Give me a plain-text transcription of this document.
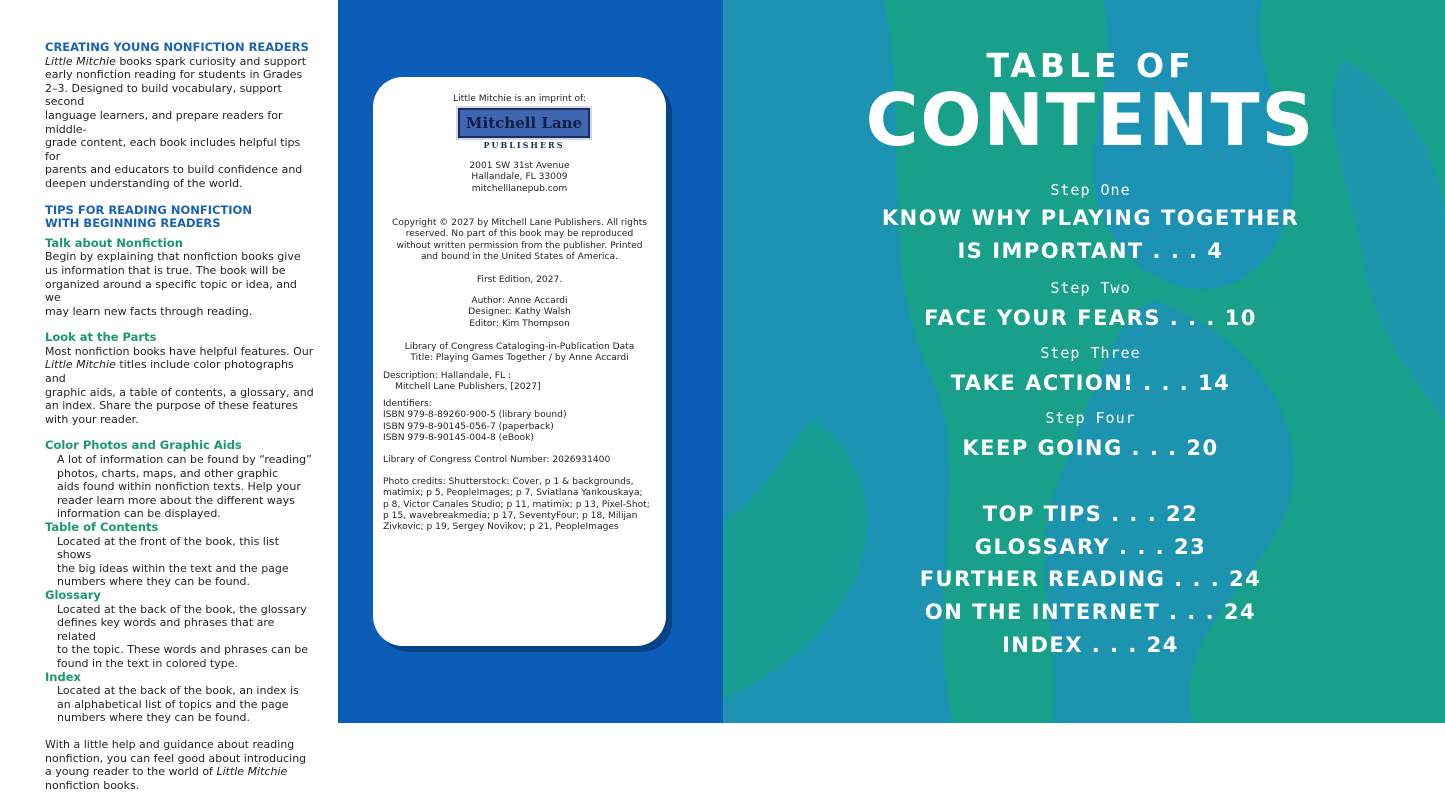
CREATING YOUNG NONFICTION READERS

Little Mitchie books spark curiosity and support

early nonfiction reading for students in Grades

2–3. Designed to build vocabulary, support second

language learners, and prepare readers for middle-

grade content, each book includes helpful tips for

parents and educators to build confidence and

deepen understanding of the world.

TIPS FOR READING NONFICTION

WITH BEGINNING READERS

Talk about Nonfiction

Begin by explaining that nonfiction books give

us information that is true. The book will be

organized around a specific topic or idea, and we

may learn new facts through reading.

Look at the Parts

Most nonfiction books have helpful features. Our

Little Mitchie titles include color photographs and

graphic aids, a table of contents, a glossary, and

an index. Share the purpose of these features

with your reader.

Color Photos and Graphic Aids

A lot of information can be found by “reading”

photos, charts, maps, and other graphic

aids found within nonfiction texts. Help your

reader learn more about the different ways

information can be displayed.

Table of Contents

Located at the front of the book, this list shows

the big ideas within the text and the page

numbers where they can be found.

Glossary

Located at the back of the book, the glossary

defines key words and phrases that are related

to the topic. These words and phrases can be

found in the text in colored type.

Index

Located at the back of the book, an index is

an alphabetical list of topics and the page

numbers where they can be found.

With a little help and guidance about reading

nonfiction, you can feel good about introducing

a young reader to the world of Little Mitchie

nonfiction books.

Little Mitchie is an imprint of:
Mitchell Lane
PUBLISHERS
2001 SW 31st Avenue
Hallandale, FL 33009
mitchelllanepub.com
Copyright © 2027 by Mitchell Lane Publishers. All rights
reserved. No part of this book may be reproduced
without written permission from the publisher. Printed
and bound in the United States of America.
First Edition, 2027.
Author: Anne Accardi
Designer: Kathy Walsh
Editor: Kim Thompson
Library of Congress Cataloging-in-Publication Data
Title: Playing Games Together / by Anne Accardi
Description: Hallandale, FL :
Mitchell Lane Publishers, [2027]
Identifiers:
ISBN 979-8-89260-900-5 (library bound)
ISBN 979-8-90145-056-7 (paperback)
ISBN 979-8-90145-004-8 (eBook)
Library of Congress Control Number: 2026931400
Photo credits: Shutterstock: Cover, p 1 & backgrounds,
matimix; p 5, PeopleImages; p 7, Sviatlana Yankouskaya;
p 8, Victor Canales Studio; p 11, matimix; p 13, Pixel-Shot;
p 15, wavebreakmedia; p 17, SeventyFour; p 18, Milijan
Zivkovic; p 19, Sergey Novikov; p 21, PeopleImages
TABLE OF
CONTENTS
Step One
KNOW WHY PLAYING TOGETHER
IS IMPORTANT . . . 4
Step Two
FACE YOUR FEARS . . . 10
Step Three
TAKE ACTION! . . . 14
Step Four
KEEP GOING . . . 20
TOP TIPS . . . 22
GLOSSARY . . . 23
FURTHER READING . . . 24
ON THE INTERNET . . . 24
INDEX . . . 24
